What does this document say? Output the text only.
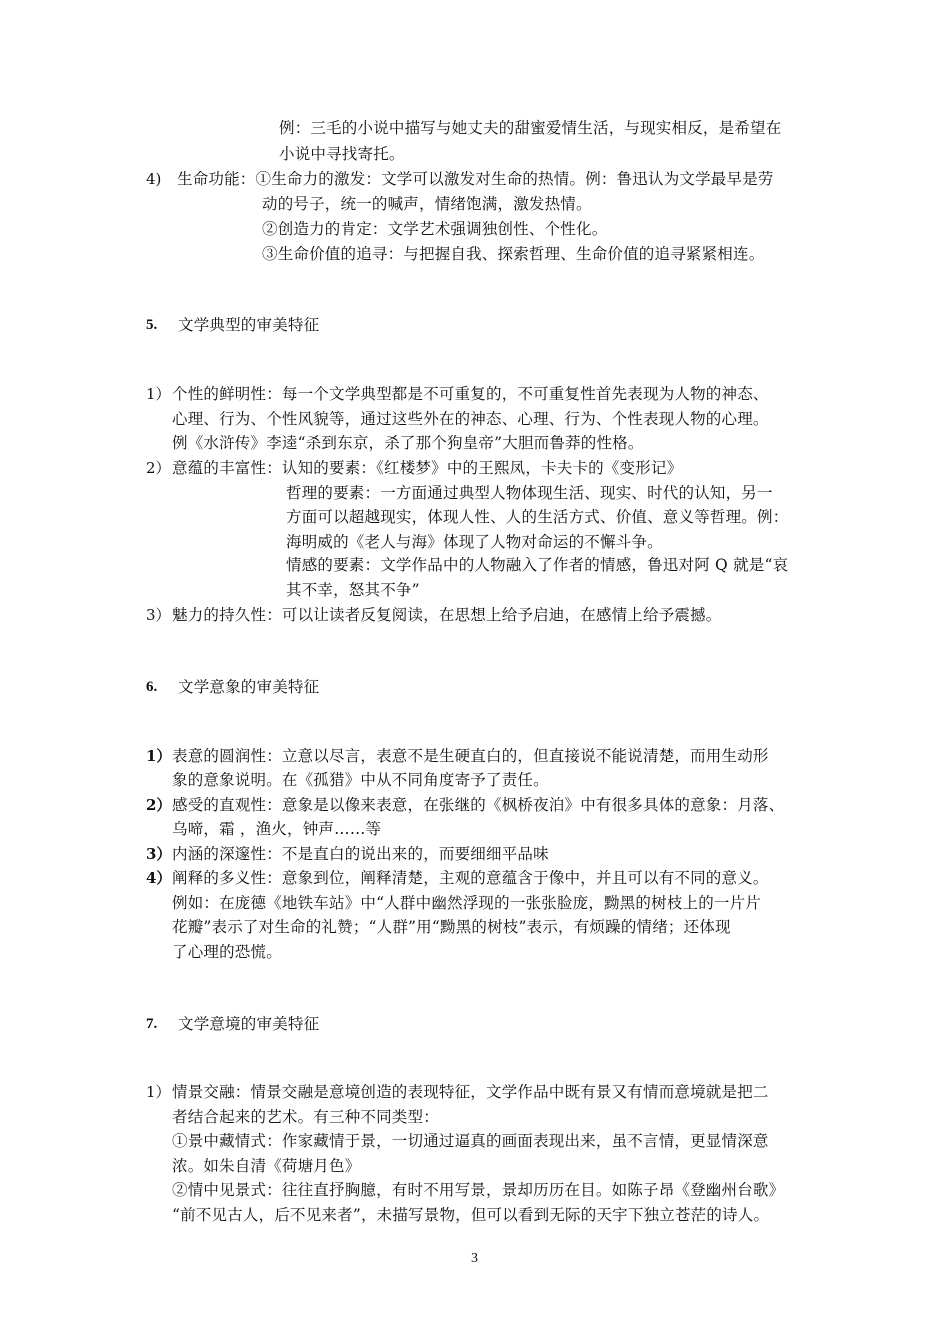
例：三毛的小说中描写与她丈夫的甜蜜爱情生活，与现实相反，是希望在
小说中寻找寄托。
4) 生命功能：①生命力的激发：文学可以激发对生命的热情。例：鲁迅认为文学最早是劳
动的号子，统一的喊声，情绪饱满，激发热情。
②创造力的肯定：文学艺术强调独创性、个性化。
③生命价值的追寻：与把握自我、探索哲理、生命价值的追寻紧紧相连。
5. 文学典型的审美特征
1） 个性的鲜明性：每一个文学典型都是不可重复的，不可重复性首先表现为人物的神态、
心理、行为、个性风貌等，通过这些外在的神态、心理、行为、个性表现人物的心理。
例《水浒传》李逵“杀到东京，杀了那个狗皇帝”大胆而鲁莽的性格。
2） 意蕴的丰富性：认知的要素：《红楼梦》中的王熙凤，卡夫卡的《变形记》
哲理的要素：一方面通过典型人物体现生活、现实、时代的认知，另一
方面可以超越现实，体现人性、人的生活方式、价值、意义等哲理。例：
海明威的《老人与海》体现了人物对命运的不懈斗争。
情感的要素：文学作品中的人物融入了作者的情感，鲁迅对阿 Q 就是“哀
其不幸，怒其不争”
3） 魅力的持久性：可以让读者反复阅读，在思想上给予启迪，在感情上给予震撼。
6. 文学意象的审美特征
1） 表意的圆润性：立意以尽言，表意不是生硬直白的，但直接说不能说清楚，而用生动形
象的意象说明。在《孤猎》中从不同角度寄予了责任。
2） 感受的直观性：意象是以像来表意，在张继的《枫桥夜泊》中有很多具体的意象：月落、
乌啼，霜 ，渔火，钟声……等
3） 内涵的深邃性：不是直白的说出来的，而要细细平品味
4） 阐释的多义性：意象到位，阐释清楚，主观的意蕴含于像中，并且可以有不同的意义。
例如：在庞德《地铁车站》中“人群中幽然浮现的一张张脸庞，黝黑的树枝上的一片片
花瓣”表示了对生命的礼赞；“人群”用“黝黑的树枝”表示，有烦躁的情绪；还体现
了心理的恐慌。
7. 文学意境的审美特征
1） 情景交融：情景交融是意境创造的表现特征，文学作品中既有景又有情而意境就是把二
者结合起来的艺术。有三种不同类型：
①景中藏情式：作家藏情于景，一切通过逼真的画面表现出来，虽不言情，更显情深意
浓。如朱自清《荷塘月色》
②情中见景式：往往直抒胸臆，有时不用写景，景却历历在目。如陈子昂《登幽州台歌》
“前不见古人，后不见来者”，未描写景物，但可以看到无际的天宇下独立苍茫的诗人。
3
